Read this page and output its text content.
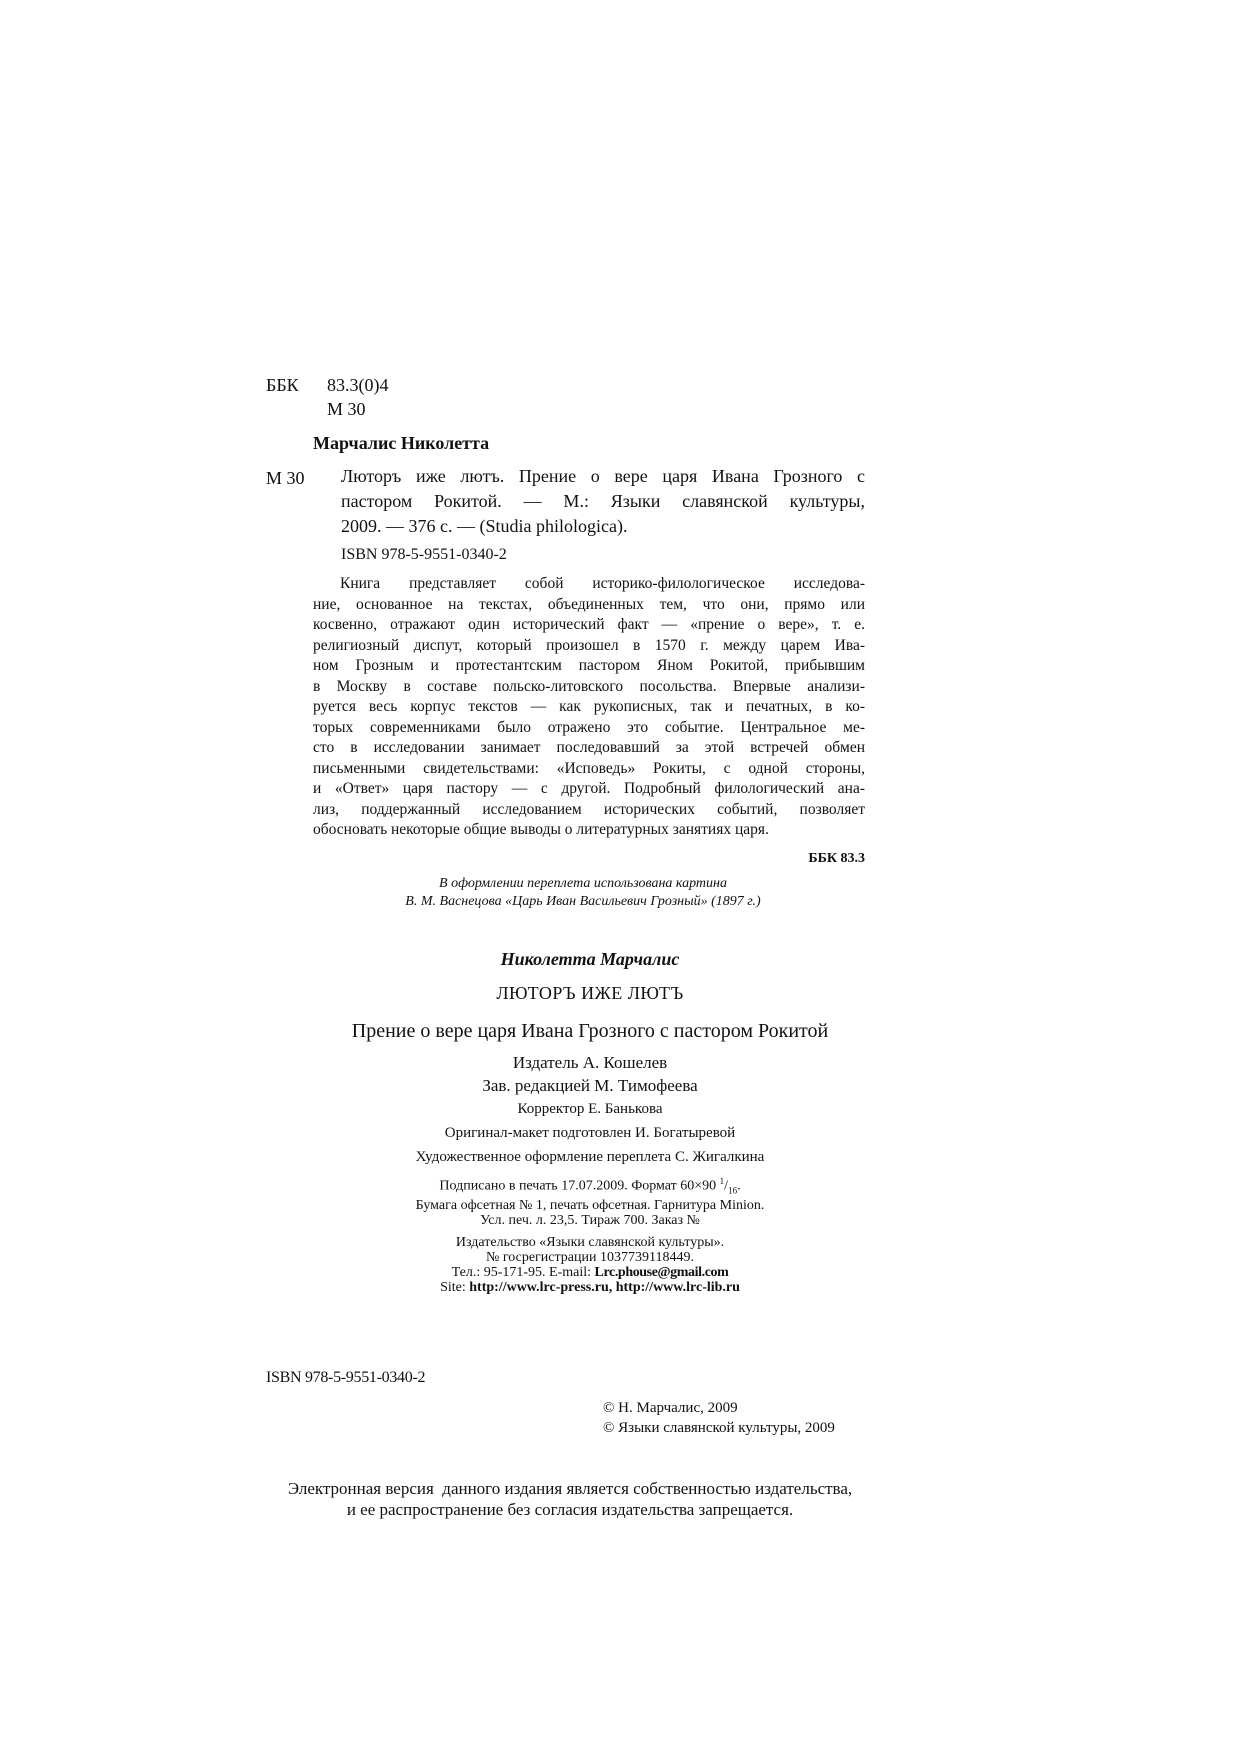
ББК 83.3(0)4
М 30
Марчалис Николетта
М 30 Люторъ иже лютъ. Прение о вере царя Ивана Грозного с
пастором Рокитой. — М.: Языки славянской культуры,
2009. — 376 с. — (Studia philologica).
ISBN 978-5-9551-0340-2
Книга представляет собой историко-филологическое исследова-
ние, основанное на текстах, объединенных тем, что они, прямо или
косвенно, отражают один исторический факт — «прение о вере», т. е.
религиозный диспут, который произошел в 1570 г. между царем Ива-
ном Грозным и протестантским пастором Яном Рокитой, прибывшим
в Москву в составе польско-литовского посольства. Впервые анализи-
руется весь корпус текстов — как рукописных, так и печатных, в ко-
торых современниками было отражено это событие. Центральное ме-
сто в исследовании занимает последовавший за этой встречей обмен
письменными свидетельствами: «Исповедь» Рокиты, с одной стороны,
и «Ответ» царя пастору — с другой. Подробный филологический ана-
лиз, поддержанный исследованием исторических событий, позволяет
обосновать некоторые общие выводы о литературных занятиях царя.
ББК 83.3
В оформлении переплета использована картина
В. М. Васнецова «Царь Иван Васильевич Грозный» (1897 г.)
Николетта Марчалис
ЛЮТОРЪ ИЖЕ ЛЮТЪ
Прение о вере царя Ивана Грозного с пастором Рокитой
Издатель А. Кошелев
Зав. редакцией М. Тимофеева
Корректор Е. Банькова
Оригинал-макет подготовлен И. Богатыревой
Художественное оформление переплета С. Жигалкина
Подписано в печать 17.07.2009. Формат 60×90 $^1/_{16}$.
Бумага офсетная № 1, печать офсетная. Гарнитура Minion.
Усл. печ. л. 23,5. Тираж 700. Заказ №
Издательство «Языки славянской культуры».
№ госрегистрации 1037739118449.
Тел.: 95-171-95. E-mail: Lrc.phouse@gmail.com
Site: http://www.lrc-press.ru, http://www.lrc-lib.ru
ISBN 978-5-9551-0340-2
© Н. Марчалис, 2009
© Языки славянской культуры, 2009
Электронная версия  данного издания является собственностью издательства,
и ее распространение без согласия издательства запрещается.
